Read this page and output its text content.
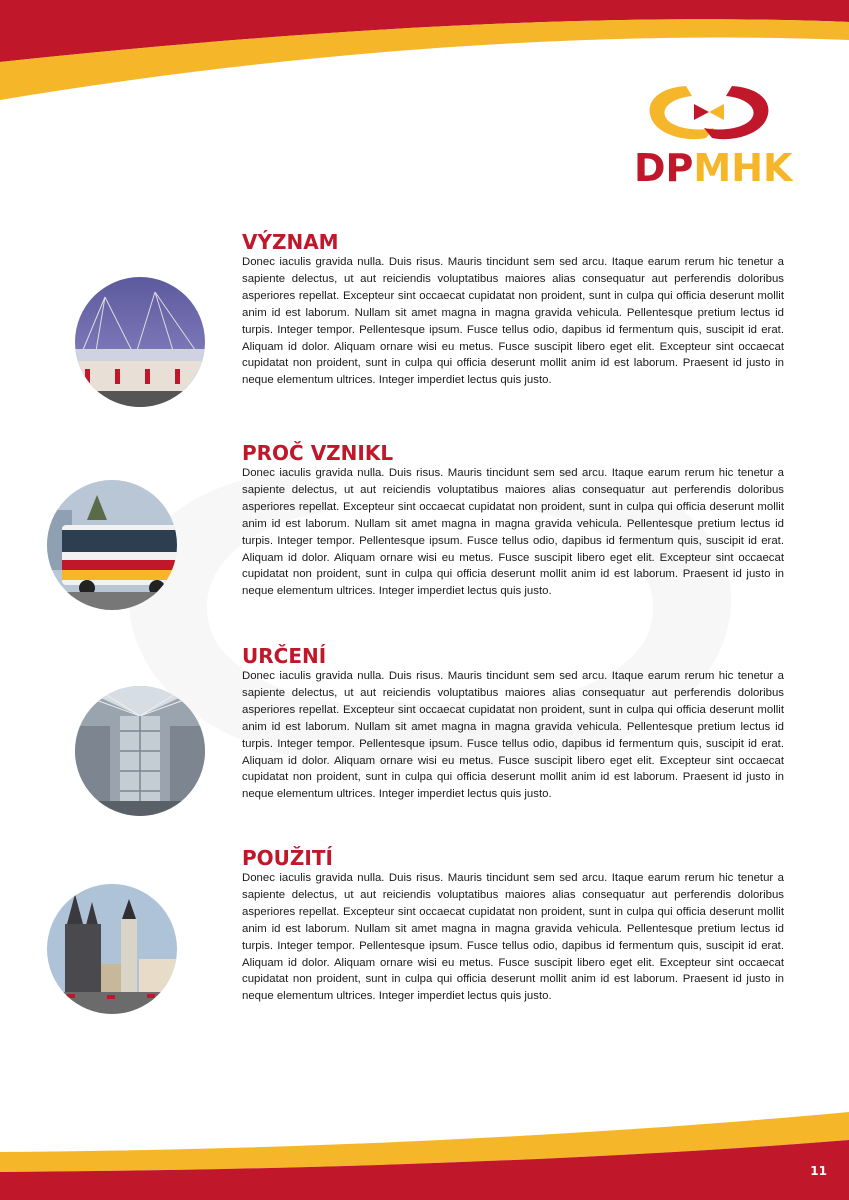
DPMHK
VÝZNAM

Donec iaculis gravida nulla. Duis risus. Mauris tincidunt sem sed arcu. Itaque earum rerum hic tenetur a sapiente delectus, ut aut reiciendis voluptatibus maiores alias consequatur aut perferendis doloribus asperiores repellat. Excepteur sint occaecat cupidatat non proident, sunt in culpa qui officia deserunt mollit anim id est laborum. Nullam sit amet magna in magna gravida vehicula. Pellentesque pretium lectus id turpis. Integer tempor. Pellentesque ipsum. Fusce tellus odio, dapibus id fermentum quis, suscipit id erat. Aliquam id dolor. Aliquam ornare wisi eu metus. Fusce suscipit libero eget elit. Excepteur sint occaecat cupidatat non proident, sunt in culpa qui officia deserunt mollit anim id est laborum. Praesent id justo in neque elementum ultrices. Integer imperdiet lectus quis justo.

PROČ VZNIKL

Donec iaculis gravida nulla. Duis risus. Mauris tincidunt sem sed arcu. Itaque earum rerum hic tenetur a sapiente delectus, ut aut reiciendis voluptatibus maiores alias consequatur aut perferendis doloribus asperiores repellat. Excepteur sint occaecat cupidatat non proident, sunt in culpa qui officia deserunt mollit anim id est laborum. Nullam sit amet magna in magna gravida vehicula. Pellentesque pretium lectus id turpis. Integer tempor. Pellentesque ipsum. Fusce tellus odio, dapibus id fermentum quis, suscipit id erat. Aliquam id dolor. Aliquam ornare wisi eu metus. Fusce suscipit libero eget elit. Excepteur sint occaecat cupidatat non proident, sunt in culpa qui officia deserunt mollit anim id est laborum. Praesent id justo in neque elementum ultrices. Integer imperdiet lectus quis justo.

URČENÍ

Donec iaculis gravida nulla. Duis risus. Mauris tincidunt sem sed arcu. Itaque earum rerum hic tenetur a sapiente delectus, ut aut reiciendis voluptatibus maiores alias consequatur aut perferendis doloribus asperiores repellat. Excepteur sint occaecat cupidatat non proident, sunt in culpa qui officia deserunt mollit anim id est laborum. Nullam sit amet magna in magna gravida vehicula. Pellentesque pretium lectus id turpis. Integer tempor. Pellentesque ipsum. Fusce tellus odio, dapibus id fermentum quis, suscipit id erat. Aliquam id dolor. Aliquam ornare wisi eu metus. Fusce suscipit libero eget elit. Excepteur sint occaecat cupidatat non proident, sunt in culpa qui officia deserunt mollit anim id est laborum. Praesent id justo in neque elementum ultrices. Integer imperdiet lectus quis justo.

POUŽITÍ

Donec iaculis gravida nulla. Duis risus. Mauris tincidunt sem sed arcu. Itaque earum rerum hic tenetur a sapiente delectus, ut aut reiciendis voluptatibus maiores alias consequatur aut perferendis doloribus asperiores repellat. Excepteur sint occaecat cupidatat non proident, sunt in culpa qui officia deserunt mollit anim id est laborum. Nullam sit amet magna in magna gravida vehicula. Pellentesque pretium lectus id turpis. Integer tempor. Pellentesque ipsum. Fusce tellus odio, dapibus id fermentum quis, suscipit id erat. Aliquam id dolor. Aliquam ornare wisi eu metus. Fusce suscipit libero eget elit. Excepteur sint occaecat cupidatat non proident, sunt in culpa qui officia deserunt mollit anim id est laborum. Praesent id justo in neque elementum ultrices. Integer imperdiet lectus quis justo.

11
